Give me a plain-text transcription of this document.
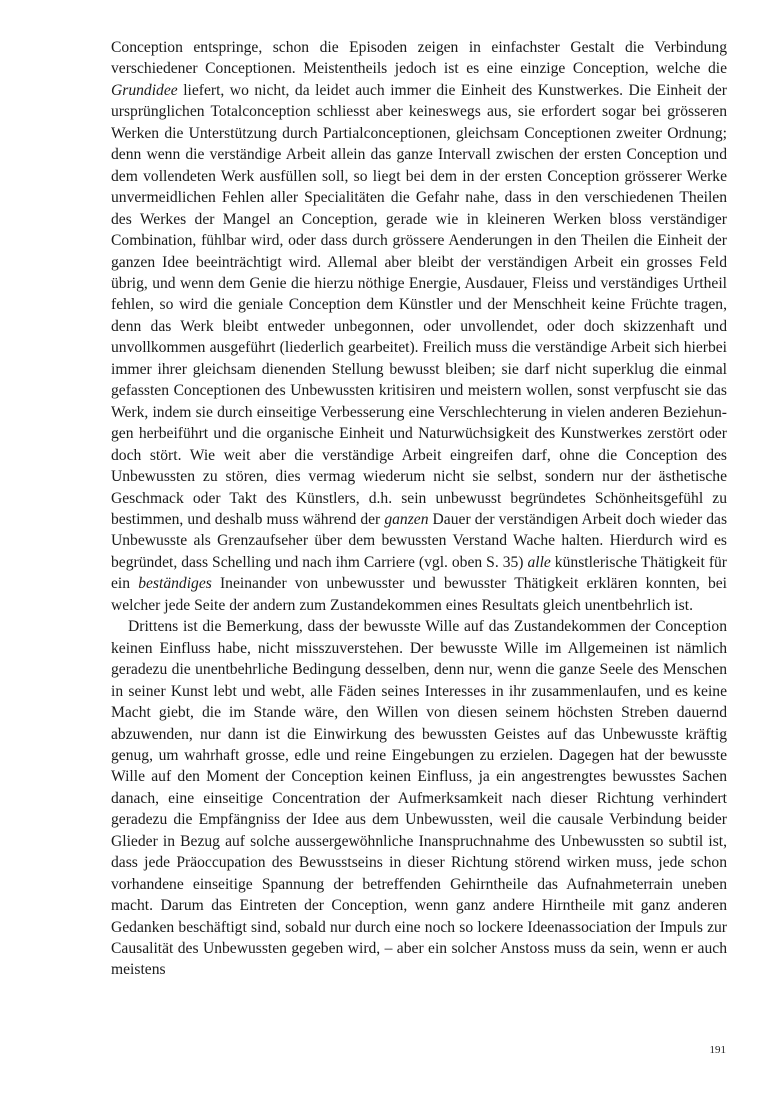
Conception entspringe, schon die Episoden zeigen in einfachster Gestalt die Verbindung verschiedener Conceptionen. Meistentheils jedoch ist es eine einzige Conception, welche die Grundidee liefert, wo nicht, da leidet auch immer die Einheit des Kunstwerkes. Die Einheit der ursprünglichen Totalconception schliesst aber keineswegs aus, sie erfordert sogar bei grösseren Werken die Unterstützung durch Partialconceptionen, gleichsam Conceptionen zweiter Ordnung; denn wenn die verständige Arbeit allein das ganze Intervall zwischen der ersten Conception und dem vollendeten Werk ausfüllen soll, so liegt bei dem in der ersten Conception grösserer Werke unvermeidlichen Fehlen aller Specialitäten die Gefahr nahe, dass in den verschiedenen Theilen des Werkes der Mangel an Conception, gerade wie in kleineren Werken bloss verständiger Combination, fühlbar wird, oder dass durch grössere Aenderungen in den Theilen die Einheit der ganzen Idee beeinträchtigt wird. Allemal aber bleibt der verständigen Arbeit ein grosses Feld übrig, und wenn dem Genie die hierzu nöthige Energie, Ausdauer, Fleiss und verständiges Urtheil fehlen, so wird die geniale Conception dem Künstler und der Menschheit keine Früchte tragen, denn das Werk bleibt entweder unbegonnen, oder unvollendet, oder doch skizzenhaft und unvollkommen ausgeführt (liederlich gearbeitet). Freilich muss die verständige Arbeit sich hierbei immer ihrer gleichsam dienenden Stellung bewusst bleiben; sie darf nicht superklug die einmal gefassten Conceptionen des Unbewussten kritisiren und meistern wollen, sonst verpfuscht sie das Werk, indem sie durch einseitige Verbesserung eine Verschlechterung in vielen anderen Beziehungen herbeiführt und die organische Einheit und Naturwüchsigkeit des Kunstwerkes zerstört oder doch stört. Wie weit aber die verständige Arbeit eingreifen darf, ohne die Conception des Unbewussten zu stören, dies vermag wiederum nicht sie selbst, sondern nur der ästhetische Geschmack oder Takt des Künstlers, d.h. sein unbewusst begründetes Schönheitsgefühl zu bestimmen, und deshalb muss während der ganzen Dauer der verständigen Arbeit doch wieder das Unbewusste als Grenzaufseher über dem bewussten Verstand Wache halten. Hierdurch wird es begründet, dass Schelling und nach ihm Carriere (vgl. oben S. 35) alle künstlerische Thätigkeit für ein beständiges Ineinander von unbewusster und bewusster Thätigkeit erklären konnten, bei welcher jede Seite der andern zum Zustandekommen eines Resultats gleich unentbehrlich ist.

Drittens ist die Bemerkung, dass der bewusste Wille auf das Zustandekommen der Conception keinen Einfluss habe, nicht misszuverstehen. Der bewusste Wille im Allgemeinen ist nämlich geradezu die unentbehrliche Bedingung desselben, denn nur, wenn die ganze Seele des Menschen in seiner Kunst lebt und webt, alle Fäden seines Interesses in ihr zusammenlaufen, und es keine Macht giebt, die im Stande wäre, den Willen von diesen seinem höchsten Streben dauernd abzuwenden, nur dann ist die Einwirkung des bewussten Geistes auf das Unbewusste kräftig genug, um wahrhaft grosse, edle und reine Eingebungen zu erzielen. Dagegen hat der bewusste Wille auf den Moment der Conception keinen Einfluss, ja ein angestrengtes bewusstes Sachen danach, eine einseitige Concentration der Aufmerksamkeit nach dieser Richtung verhindert geradezu die Empfängniss der Idee aus dem Unbewussten, weil die causale Verbindung beider Glieder in Bezug auf solche aussergewöhnliche Inanspruchnahme des Unbewussten so subtil ist, dass jede Präoccupation des Bewusstseins in dieser Richtung störend wirken muss, jede schon vorhandene einseitige Spannung der betreffenden Gehirntheile das Aufnahmeterrain uneben macht. Darum das Eintreten der Conception, wenn ganz andere Hirntheile mit ganz anderen Gedanken beschäftigt sind, sobald nur durch eine noch so lockere Ideenassociation der Impuls zur Causalität des Unbewussten gegeben wird, – aber ein solcher Anstoss muss da sein, wenn er auch meistens

191
